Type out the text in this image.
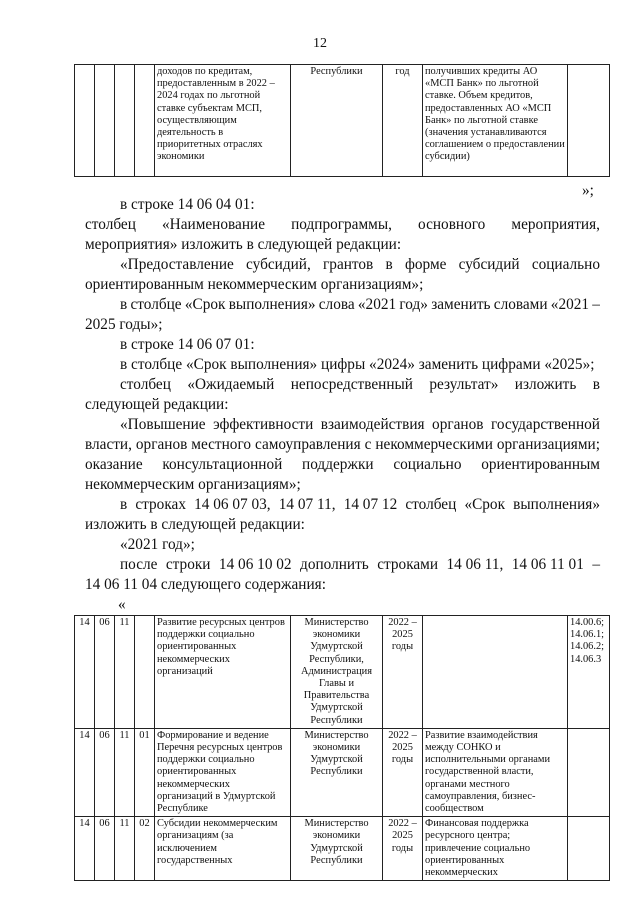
12
				доходов по кредитам, предоставленным в 2022 – 2024 годах по льготной ставке субъектам МСП, осуществляющим деятельность в приоритетных отраслях экономики	Республики	год	получивших кредиты АО «МСП Банк» по льготной ставке. Объем кредитов, предоставленных АО «МСП Банк» по льготной ставке (значения устанавливаются соглашением о предоставлении субсидии)	
»;
в строке 14 06 04 01:
столбец «Наименование подпрограммы, основного мероприятия,
мероприятия» изложить в следующей редакции:
«Предоставление субсидий, грантов в форме субсидий социально
ориентированным некоммерческим организациям»;
в столбце «Срок выполнения» слова «2021 год» заменить словами «2021 –
2025 годы»;
в строке 14 06 07 01:
в столбце «Срок выполнения» цифры «2024» заменить цифрами «2025»;
столбец «Ожидаемый непосредственный результат» изложить в
следующей редакции:
«Повышение эффективности взаимодействия органов государственной
власти, органов местного самоуправления с некоммерческими организациями;
оказание консультационной поддержки социально ориентированным
некоммерческим организациям»;
в строках 14 06 07 03, 14 07 11, 14 07 12 столбец «Срок выполнения»
изложить в следующей редакции:
«2021 год»;
после строки 14 06 10 02 дополнить строками 14 06 11, 14 06 11 01 –
14 06 11 04 следующего содержания:
«
14	06	11		Развитие ресурсных центров поддержки социально ориентированных некоммерческих организаций	Министерство экономики Удмуртской Республики, Администрация Главы и Правительства Удмуртской Республики	2022 – 2025 годы		14.00.6; 14.06.1; 14.06.2; 14.06.3
14	06	11	01	Формирование и ведение Перечня ресурсных центров поддержки социально ориентированных некоммерческих организаций в Удмуртской Республике	Министерство экономики Удмуртской Республики	2022 – 2025 годы	Развитие взаимодействия между СОНКО и исполнительными органами государственной власти, органами местного самоуправления, бизнес-сообществом	
14	06	11	02	Субсидии некоммерческим организациям (за исключением государственных	Министерство экономики Удмуртской Республики	2022 – 2025 годы	Финансовая поддержка ресурсного центра; привлечение социально ориентированных некоммерческих	
